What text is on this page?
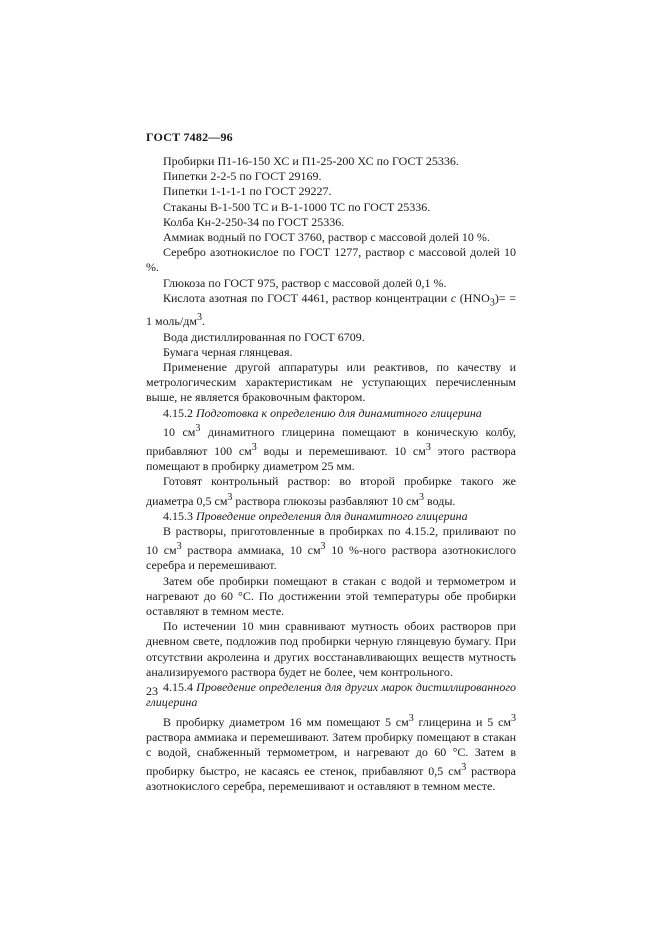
ГОСТ 7482—96

Пробирки П1-16-150 ХС и П1-25-200 ХС по ГОСТ 25336.

Пипетки 2-2-5 по ГОСТ 29169.

Пипетки 1-1-1-1 по ГОСТ 29227.

Стаканы В-1-500 ТС и В-1-1000 ТС по ГОСТ 25336.

Колба Кн-2-250-34 по ГОСТ 25336.

Аммиак водный по ГОСТ 3760, раствор с массовой долей 10 %.

Серебро азотнокислое по ГОСТ 1277, раствор с массовой долей 10 %.

Глюкоза по ГОСТ 975, раствор с массовой долей 0,1 %.

Кислота азотная по ГОСТ 4461, раствор концентрации с $(HNO_3)= = 1$ моль/$дм^3$.

Вода дистиллированная по ГОСТ 6709.

Бумага черная глянцевая.

Применение другой аппаратуры или реактивов, по качеству и метрологическим характеристикам не уступающих перечисленным выше, не является браковочным фактором.

4.15.2 Подготовка к определению для динамитного глицерина

10 $см^3$ динамитного глицерина помещают в коническую колбу, прибавляют 100 $см^3$ воды и перемешивают. 10 $см^3$ этого раствора помещают в пробирку диаметром 25 мм.

Готовят контрольный раствор: во второй пробирке такого же диаметра 0,5 $см^3$ раствора глюкозы разбавляют 10 $см^3$ воды.

4.15.3 Проведение определения для динамитного глицерина

В растворы, приготовленные в пробирках по 4.15.2, приливают по 10 $см^3$ раствора аммиака, 10 $см^3$ 10 %-ного раствора азотнокислого серебра и перемешивают.

Затем обе пробирки помещают в стакан с водой и термометром и нагревают до 60 °С. По достижении этой температуры обе пробирки оставляют в темном месте.

По истечении 10 мин сравнивают мутность обоих растворов при дневном свете, подложив под пробирки черную глянцевую бумагу. При отсутствии акролеина и других восстанавливающих веществ мутность анализируемого раствора будет не более, чем контрольного.

4.15.4 Проведение определения для других марок дистиллированного глицерина

В пробирку диаметром 16 мм помещают 5 $см^3$ глицерина и 5 $см^3$ раствора аммиака и перемешивают. Затем пробирку помещают в стакан с водой, снабженный термометром, и нагревают до 60 °С. Затем в пробирку быстро, не касаясь ее стенок, прибавляют 0,5 $см^3$ раствора азотнокислого серебра, перемешивают и оставляют в темном месте.

23
